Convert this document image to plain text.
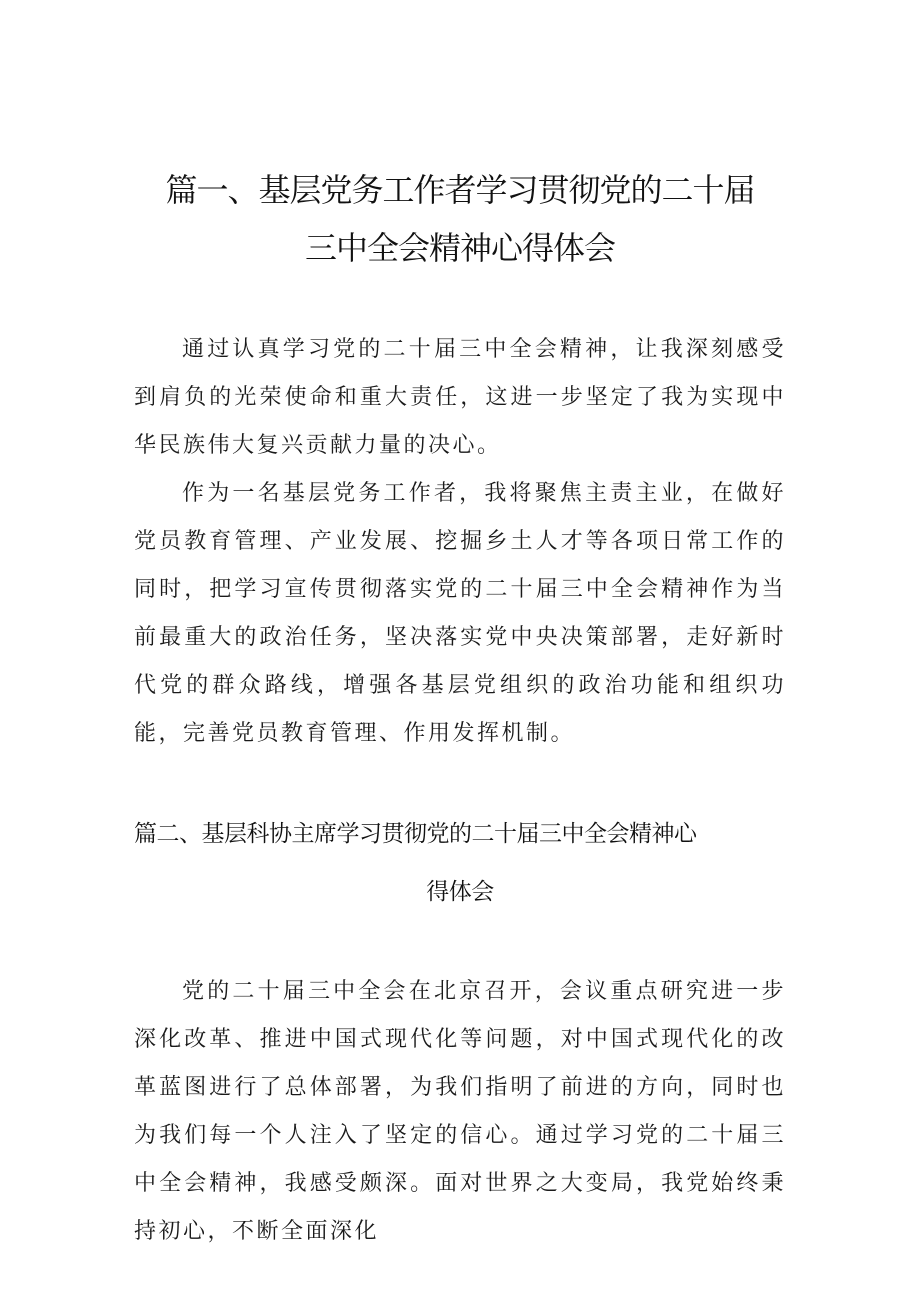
篇一、基层党务工作者学习贯彻党的二十届
三中全会精神心得体会

通过认真学习党的二十届三中全会精神，让我深刻感受到肩负的光荣使命和重大责任，这进一步坚定了我为实现中华民族伟大复兴贡献力量的决心。

作为一名基层党务工作者，我将聚焦主责主业，在做好党员教育管理、产业发展、挖掘乡土人才等各项日常工作的同时，把学习宣传贯彻落实党的二十届三中全会精神作为当前最重大的政治任务，坚决落实党中央决策部署，走好新时代党的群众路线，增强各基层党组织的政治功能和组织功能，完善党员教育管理、作用发挥机制。

篇二、基层科协主席学习贯彻党的二十届三中全会精神心
得体会

党的二十届三中全会在北京召开，会议重点研究进一步深化改革、推进中国式现代化等问题，对中国式现代化的改革蓝图进行了总体部署，为我们指明了前进的方向，同时也为我们每一个人注入了坚定的信心。通过学习党的二十届三中全会精神，我感受颇深。面对世界之大变局，我党始终秉持初心，不断全面深化
